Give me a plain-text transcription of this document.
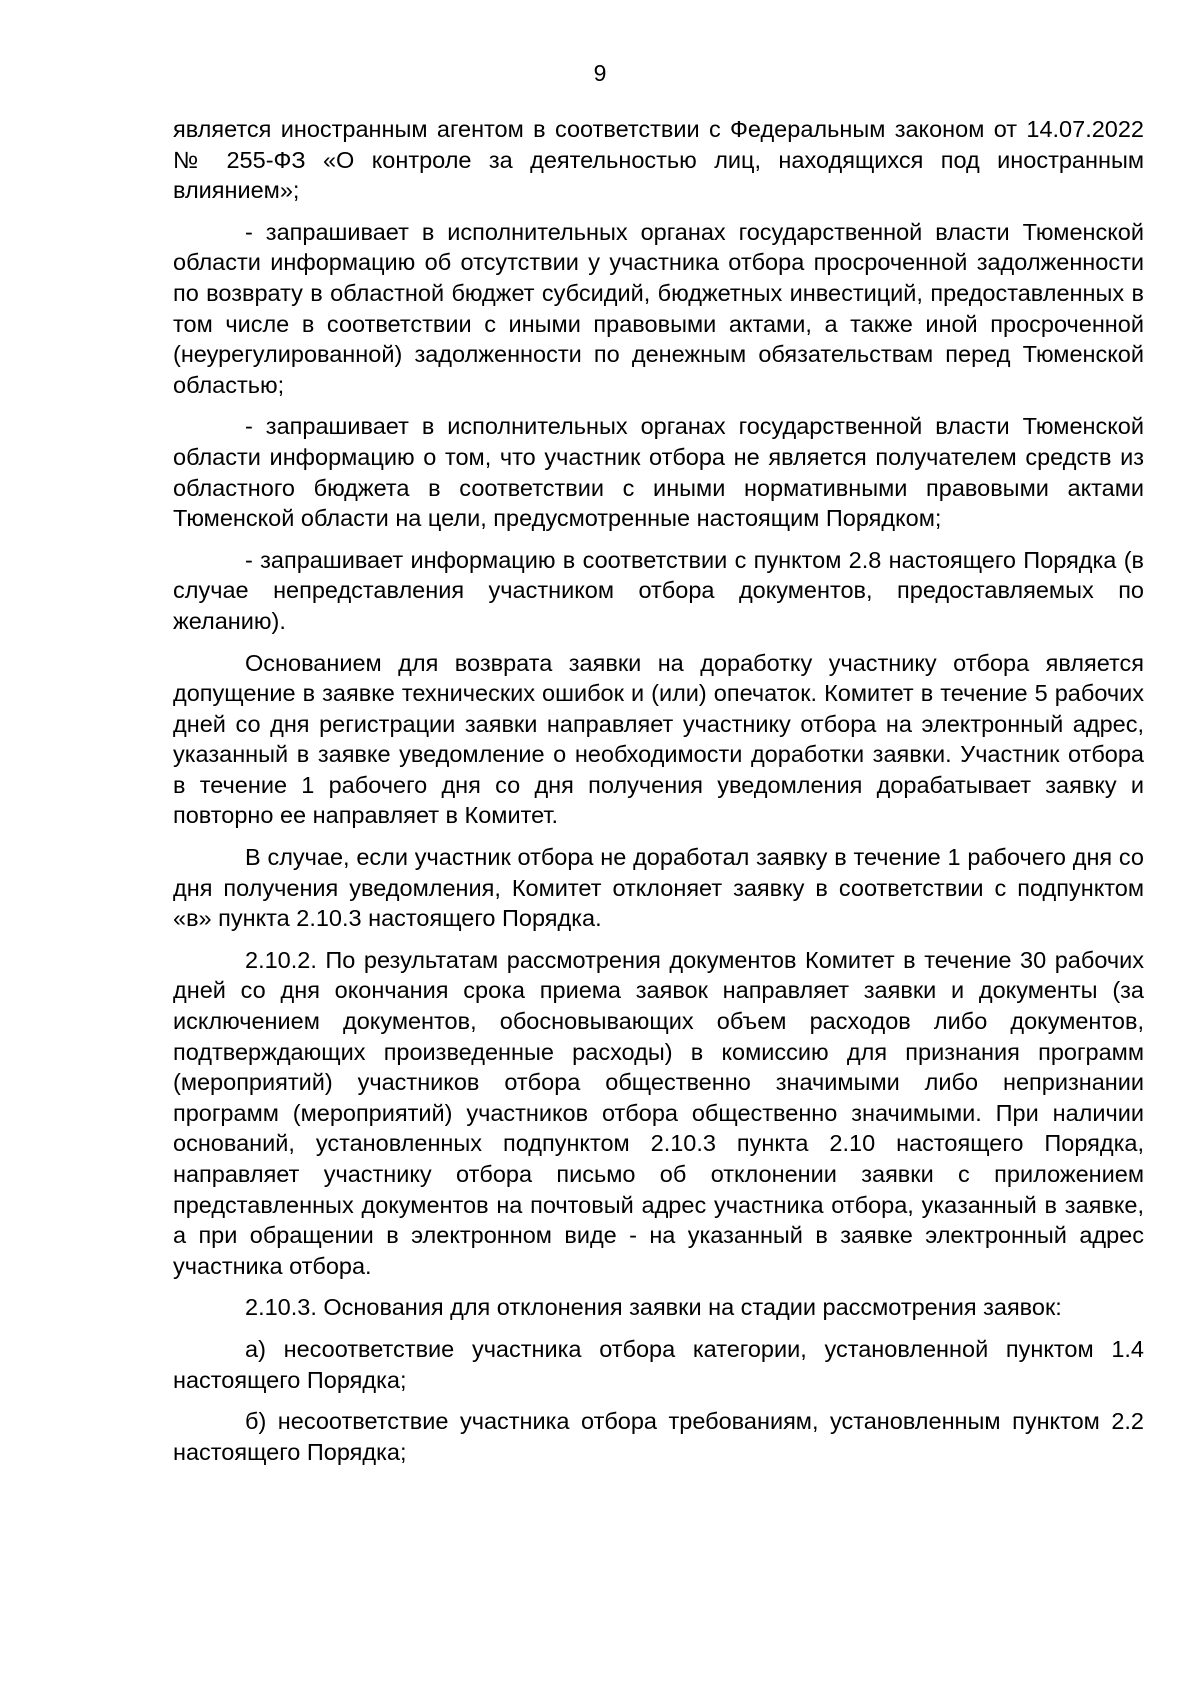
9

является иностранным агентом в соответствии с Федеральным законом от 14.07.2022 № 255-ФЗ «О контроле за деятельностью лиц, находящихся под иностранным влиянием»;

- запрашивает в исполнительных органах государственной власти Тюменской области информацию об отсутствии у участника отбора просроченной задолженности по возврату в областной бюджет субсидий, бюджетных инвестиций, предоставленных в том числе в соответствии с иными правовыми актами, а также иной просроченной (неурегулированной) задолженности по денежным обязательствам перед Тюменской областью;

- запрашивает в исполнительных органах государственной власти Тюменской области информацию о том, что участник отбора не является получателем средств из областного бюджета в соответствии с иными нормативными правовыми актами Тюменской области на цели, предусмотренные настоящим Порядком;

- запрашивает информацию в соответствии с пунктом 2.8 настоящего Порядка (в случае непредставления участником отбора документов, предоставляемых по желанию).

Основанием для возврата заявки на доработку участнику отбора является допущение в заявке технических ошибок и (или) опечаток. Комитет в течение 5 рабочих дней со дня регистрации заявки направляет участнику отбора на электронный адрес, указанный в заявке уведомление о необходимости доработки заявки. Участник отбора в течение 1 рабочего дня со дня получения уведомления дорабатывает заявку и повторно ее направляет в Комитет.

В случае, если участник отбора не доработал заявку в течение 1 рабочего дня со дня получения уведомления, Комитет отклоняет заявку в соответствии с подпунктом «в» пункта 2.10.3 настоящего Порядка.

2.10.2. По результатам рассмотрения документов Комитет в течение 30 рабочих дней со дня окончания срока приема заявок направляет заявки и документы (за исключением документов, обосновывающих объем расходов либо документов, подтверждающих произведенные расходы) в комиссию для признания программ (мероприятий) участников отбора общественно значимыми либо непризнании программ (мероприятий) участников отбора общественно значимыми. При наличии оснований, установленных подпунктом 2.10.3 пункта 2.10 настоящего Порядка, направляет участнику отбора письмо об отклонении заявки с приложением представленных документов на почтовый адрес участника отбора, указанный в заявке, а при обращении в электронном виде - на указанный в заявке электронный адрес участника отбора.

2.10.3. Основания для отклонения заявки на стадии рассмотрения заявок:

а) несоответствие участника отбора категории, установленной пунктом 1.4 настоящего Порядка;

б) несоответствие участника отбора требованиям, установленным пунктом 2.2 настоящего Порядка;
